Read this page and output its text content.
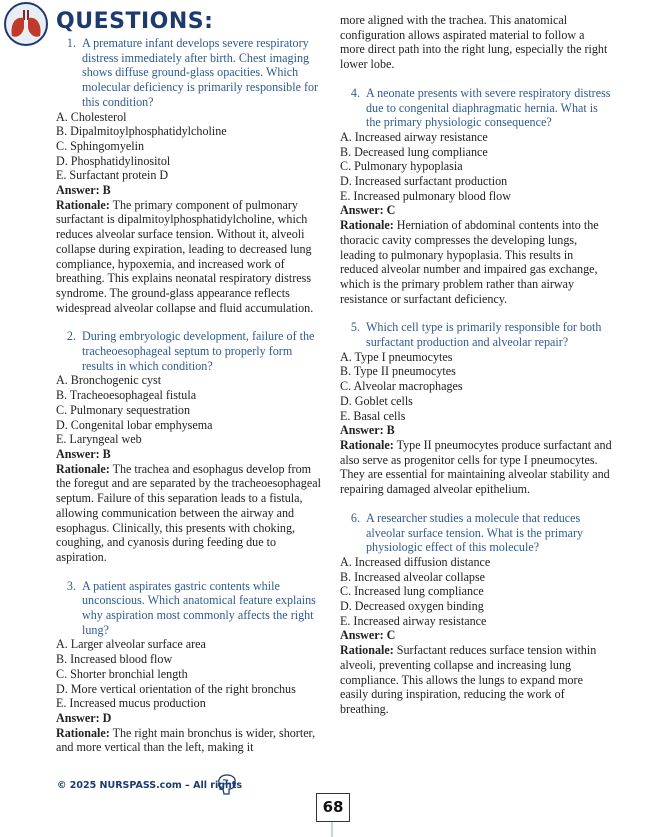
QUESTIONS:
1. A premature infant develops severe respiratory distress immediately after birth. Chest imaging shows diffuse ground-glass opacities. Which molecular deficiency is primarily responsible for this condition?
A. Cholesterol
B. Dipalmitoylphosphatidylcholine
C. Sphingomyelin
D. Phosphatidylinositol
E. Surfactant protein D
Answer: B
Rationale: The primary component of pulmonary surfactant is dipalmitoylphosphatidylcholine, which reduces alveolar surface tension. Without it, alveoli collapse during expiration, leading to decreased lung compliance, hypoxemia, and increased work of breathing. This explains neonatal respiratory distress syndrome. The ground-glass appearance reflects widespread alveolar collapse and fluid accumulation.
2. During embryologic development, failure of the tracheoesophageal septum to properly form results in which condition?
A. Bronchogenic cyst
B. Tracheoesophageal fistula
C. Pulmonary sequestration
D. Congenital lobar emphysema
E. Laryngeal web
Answer: B
Rationale: The trachea and esophagus develop from the foregut and are separated by the tracheoesophageal septum. Failure of this separation leads to a fistula, allowing communication between the airway and esophagus. Clinically, this presents with choking, coughing, and cyanosis during feeding due to aspiration.
3. A patient aspirates gastric contents while unconscious. Which anatomical feature explains why aspiration most commonly affects the right lung?
A. Larger alveolar surface area
B. Increased blood flow
C. Shorter bronchial length
D. More vertical orientation of the right bronchus
E. Increased mucus production
Answer: D
Rationale: The right main bronchus is wider, shorter, and more vertical than the left, making it
more aligned with the trachea. This anatomical configuration allows aspirated material to follow a more direct path into the right lung, especially the right lower lobe.
4. A neonate presents with severe respiratory distress due to congenital diaphragmatic hernia. What is the primary physiologic consequence?
A. Increased airway resistance
B. Decreased lung compliance
C. Pulmonary hypoplasia
D. Increased surfactant production
E. Increased pulmonary blood flow
Answer: C
Rationale: Herniation of abdominal contents into the thoracic cavity compresses the developing lungs, leading to pulmonary hypoplasia. This results in reduced alveolar number and impaired gas exchange, which is the primary problem rather than airway resistance or surfactant deficiency.
5. Which cell type is primarily responsible for both surfactant production and alveolar repair?
A. Type I pneumocytes
B. Type II pneumocytes
C. Alveolar macrophages
D. Goblet cells
E. Basal cells
Answer: B
Rationale: Type II pneumocytes produce surfactant and also serve as progenitor cells for type I pneumocytes. They are essential for maintaining alveolar stability and repairing damaged alveolar epithelium.
6. A researcher studies a molecule that reduces alveolar surface tension. What is the primary physiologic effect of this molecule?
A. Increased diffusion distance
B. Increased alveolar collapse
C. Increased lung compliance
D. Decreased oxygen binding
E. Increased airway resistance
Answer: C
Rationale: Surfactant reduces surface tension within alveoli, preventing collapse and increasing lung compliance. This allows the lungs to expand more easily during inspiration, reducing the work of breathing.
© 2025 NURSPASS.com – All rights
68
